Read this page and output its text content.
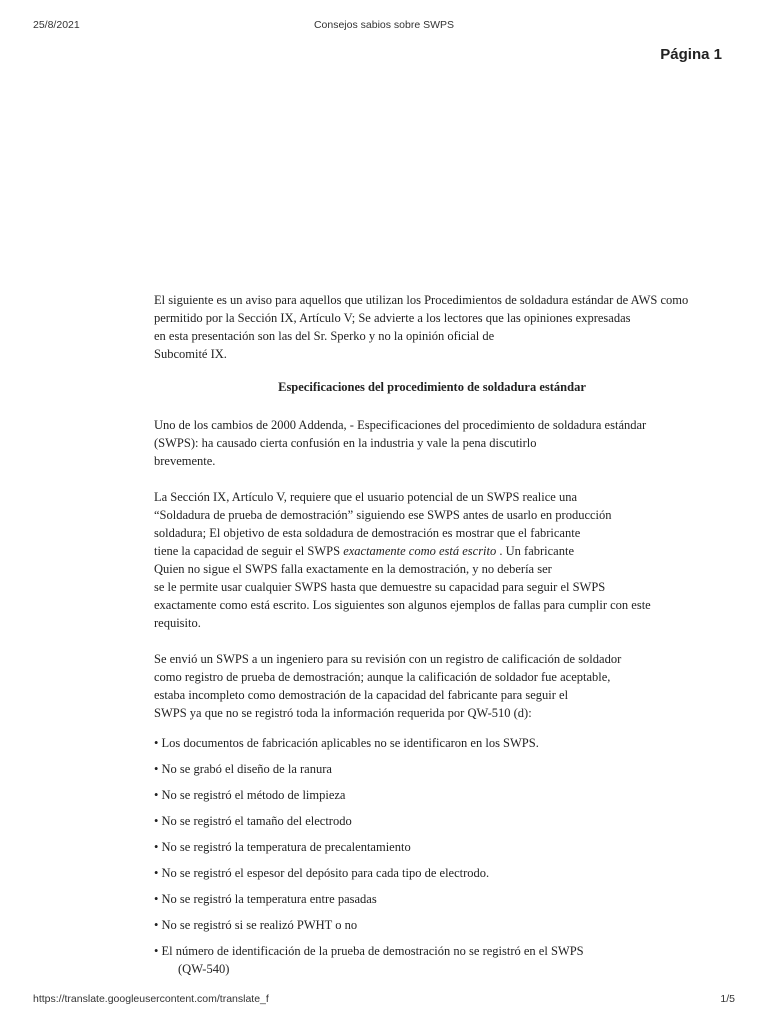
25/8/2021	Consejos sabios sobre SWPS
Página 1
El siguiente es un aviso para aquellos que utilizan los Procedimientos de soldadura estándar de AWS como
permitido por la Sección IX, Artículo V; Se advierte a los lectores que las opiniones expresadas
en esta presentación son las del Sr. Sperko y no la opinión oficial de
Subcomité IX.
Especificaciones del procedimiento de soldadura estándar
Uno de los cambios de 2000 Addenda, - Especificaciones del procedimiento de soldadura estándar
(SWPS): ha causado cierta confusión en la industria y vale la pena discutirlo
brevemente.
La Sección IX, Artículo V, requiere que el usuario potencial de un SWPS realice una
“Soldadura de prueba de demostración” siguiendo ese SWPS antes de usarlo en producción
soldadura; El objetivo de esta soldadura de demostración es mostrar que el fabricante
tiene la capacidad de seguir el SWPS exactamente como está escrito . Un fabricante
Quien no sigue el SWPS falla exactamente en la demostración, y no debería ser
se le permite usar cualquier SWPS hasta que demuestre su capacidad para seguir el SWPS
exactamente como está escrito. Los siguientes son algunos ejemplos de fallas para cumplir con este
requisito.
Se envió un SWPS a un ingeniero para su revisión con un registro de calificación de soldador
como registro de prueba de demostración; aunque la calificación de soldador fue aceptable,
estaba incompleto como demostración de la capacidad del fabricante para seguir el
SWPS ya que no se registró toda la información requerida por QW-510 (d):
• Los documentos de fabricación aplicables no se identificaron en los SWPS.
• No se grabó el diseño de la ranura
• No se registró el método de limpieza
• No se registró el tamaño del electrodo
• No se registró la temperatura de precalentamiento
• No se registró el espesor del depósito para cada tipo de electrodo.
• No se registró la temperatura entre pasadas
• No se registró si se realizó PWHT o no
• El número de identificación de la prueba de demostración no se registró en el SWPS
(QW-540)
https://translate.googleusercontent.com/translate_f	1/5
